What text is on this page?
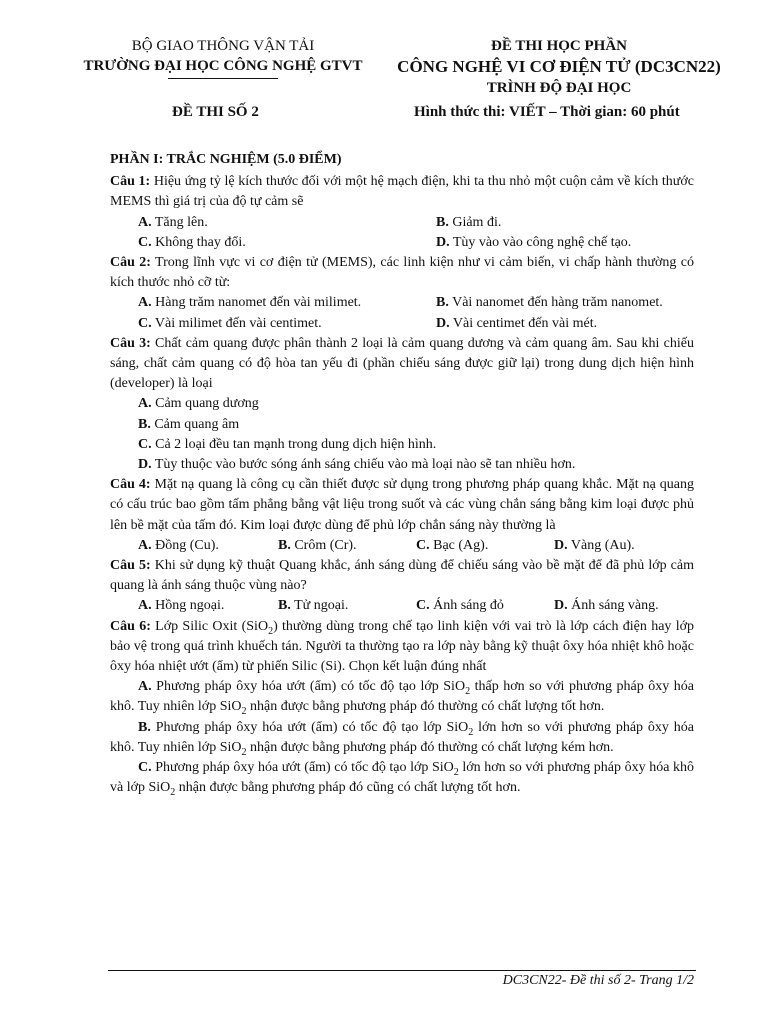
BỘ GIAO THÔNG VẬN TẢI
TRƯỜNG ĐẠI HỌC CÔNG NGHỆ GTVT
ĐỀ THI HỌC PHẦN
CÔNG NGHỆ VI CƠ ĐIỆN TỬ (DC3CN22)
TRÌNH ĐỘ ĐẠI HỌC
ĐỀ THI SỐ 2	Hình thức thi: VIẾT – Thời gian: 60 phút
PHẦN I: TRẮC NGHIỆM (5.0 ĐIỂM)
Câu 1: Hiệu ứng tỷ lệ kích thước đối với một hệ mạch điện, khi ta thu nhỏ một cuộn cảm về kích thước MEMS thì giá trị của độ tự cảm sẽ
A. Tăng lên.	B. Giảm đi.
C. Không thay đổi.	D. Tùy vào vào công nghệ chế tạo.
Câu 2: Trong lĩnh vực vi cơ điện tử (MEMS), các linh kiện như vi cảm biến, vi chấp hành thường có kích thước nhỏ cỡ từ:
A. Hàng trăm nanomet đến vài milimet.	B. Vài nanomet đến hàng trăm nanomet.
C. Vài milimet đến vài centimet.	D. Vài centimet đến vài mét.
Câu 3: Chất cảm quang được phân thành 2 loại là cảm quang dương và cảm quang âm. Sau khi chiếu sáng, chất cảm quang có độ hòa tan yếu đi (phần chiếu sáng được giữ lại) trong dung dịch hiện hình (developer) là loại
A. Cảm quang dương
B. Cảm quang âm
C. Cả 2 loại đều tan mạnh trong dung dịch hiện hình.
D. Tùy thuộc vào bước sóng ánh sáng chiếu vào mà loại nào sẽ tan nhiều hơn.
Câu 4: Mặt nạ quang là công cụ cần thiết được sử dụng trong phương pháp quang khắc. Mặt nạ quang có cấu trúc bao gồm tấm phẳng bằng vật liệu trong suốt và các vùng chắn sáng bằng kim loại được phủ lên bề mặt của tấm đó. Kim loại được dùng để phủ lớp chắn sáng này thường là
A. Đồng (Cu).	B. Crôm (Cr).	C. Bạc (Ag).	D. Vàng (Au).
Câu 5: Khi sử dụng kỹ thuật Quang khắc, ánh sáng dùng để chiếu sáng vào bề mặt để đã phủ lớp cảm quang là ánh sáng thuộc vùng nào?
A. Hồng ngoại.	B. Tử ngoại.	C. Ánh sáng đỏ	D. Ánh sáng vàng.
Câu 6: Lớp Silic Oxit (SiO$_2$) thường dùng trong chế tạo linh kiện với vai trò là lớp cách điện hay lớp bảo vệ trong quá trình khuếch tán. Người ta thường tạo ra lớp này bằng kỹ thuật ôxy hóa nhiệt khô hoặc ôxy hóa nhiệt ướt (ẩm) từ phiến Silic (Si). Chọn kết luận đúng nhất
A. Phương pháp ôxy hóa ướt (ẩm) có tốc độ tạo lớp SiO$_2$ thấp hơn so với phương pháp ôxy hóa khô. Tuy nhiên lớp SiO$_2$ nhận được bằng phương pháp đó thường có chất lượng tốt hơn.
B. Phương pháp ôxy hóa ướt (ẩm) có tốc độ tạo lớp SiO$_2$ lớn hơn so với phương pháp ôxy hóa khô. Tuy nhiên lớp SiO$_2$ nhận được bằng phương pháp đó thường có chất lượng kém hơn.
C. Phương pháp ôxy hóa ướt (ẩm) có tốc độ tạo lớp SiO$_2$ lớn hơn so với phương pháp ôxy hóa khô và lớp SiO$_2$ nhận được bằng phương pháp đó cũng có chất lượng tốt hơn.
DC3CN22- Đề thi số 2- Trang 1/2
